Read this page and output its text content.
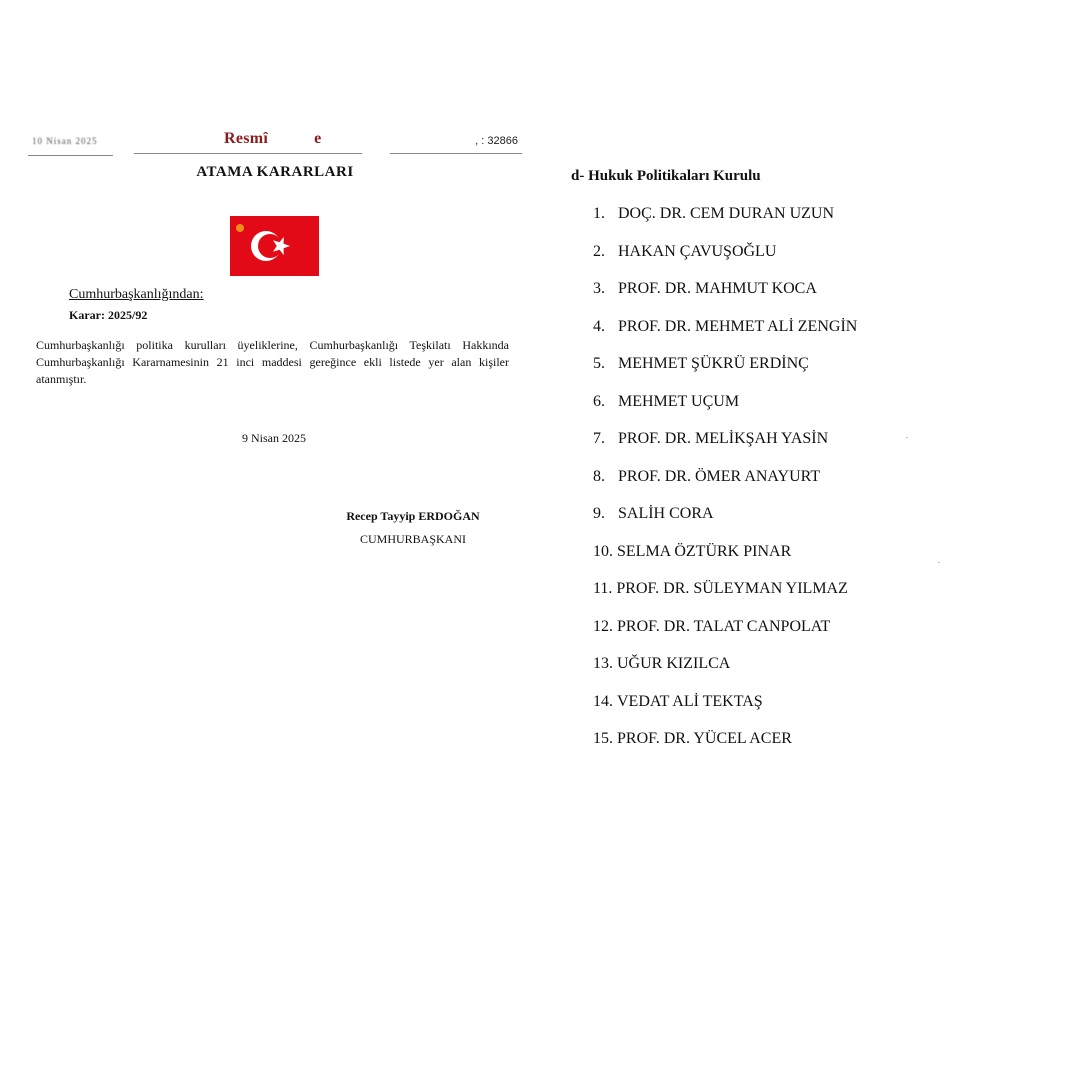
10 Nisan 2025	Resmî	e	, : 32866
ATAMA KARARLARI
Cumhurbaşkanlığından:
Karar: 2025/92
Cumhurbaşkanlığı politika kurulları üyeliklerine, Cumhurbaşkanlığı Teşkilatı Hakkında Cumhurbaşkanlığı Kararnamesinin 21 inci maddesi gereğince ekli listede yer alan kişiler atanmıştır.
9 Nisan 2025
Recep Tayyip ERDOĞAN
CUMHURBAŞKANI
d- Hukuk Politikaları Kurulu
1. DOÇ. DR. CEM DURAN UZUN
2. HAKAN ÇAVUŞOĞLU
3. PROF. DR. MAHMUT KOCA
4. PROF. DR. MEHMET ALİ ZENGİN
5. MEHMET ŞÜKRÜ ERDİNÇ
6. MEHMET UÇUM
7. PROF. DR. MELİKŞAH YASİN
8. PROF. DR. ÖMER ANAYURT
9. SALİH CORA
10. SELMA ÖZTÜRK PINAR
11. PROF. DR. SÜLEYMAN YILMAZ
12. PROF. DR. TALAT CANPOLAT
13. UĞUR KIZILCA
14. VEDAT ALİ TEKTAŞ
15. PROF. DR. YÜCEL ACER
